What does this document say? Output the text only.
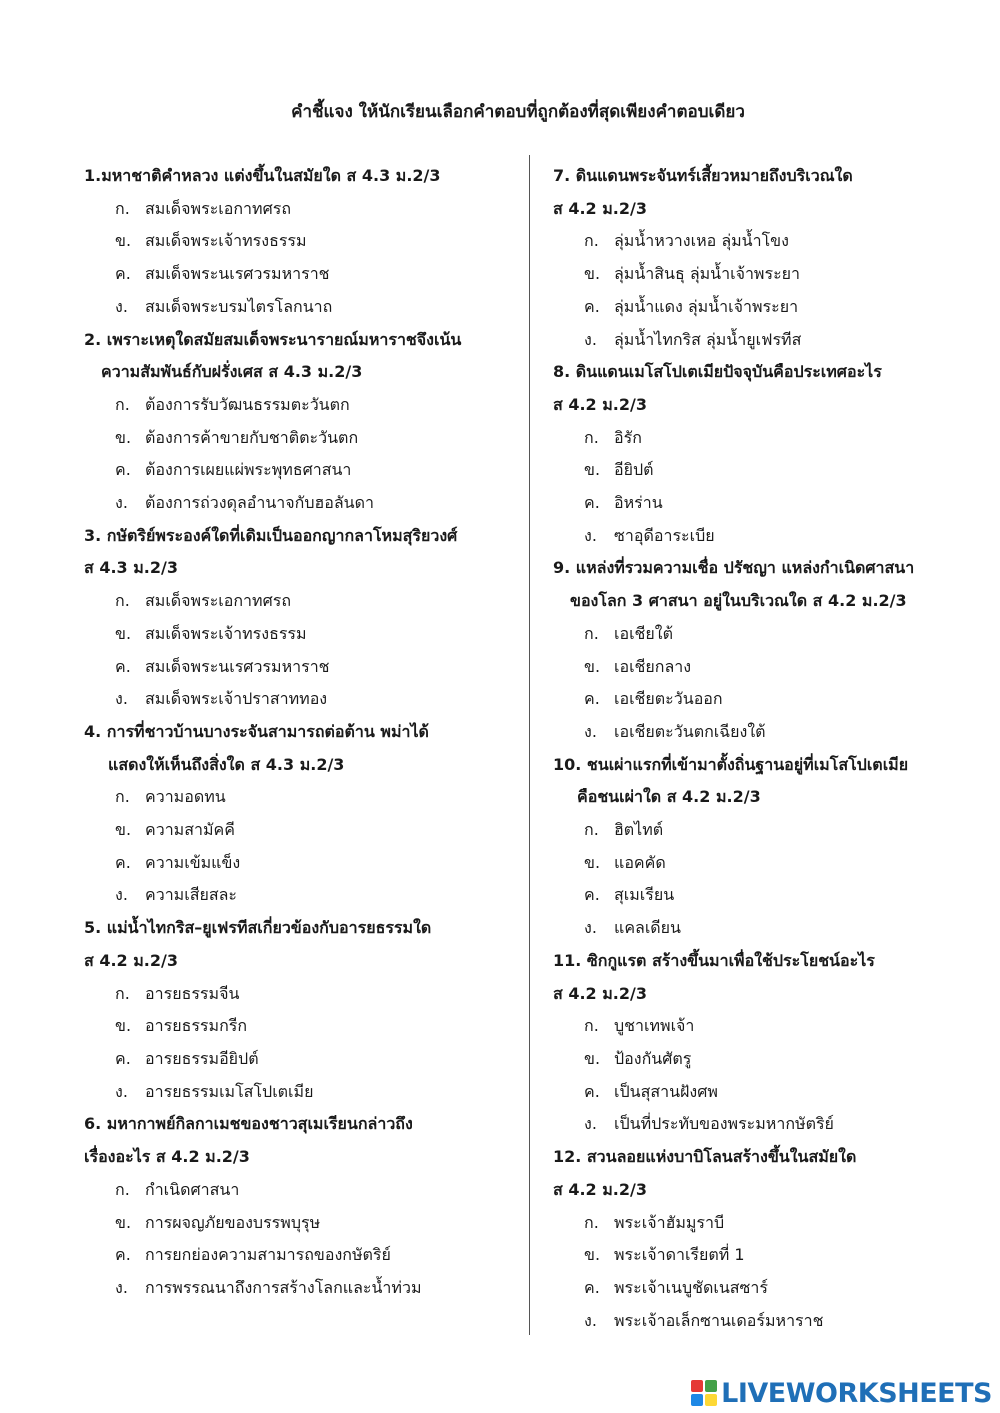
คำชี้แจง ให้นักเรียนเลือกคำตอบที่ถูกต้องที่สุดเพียงคำตอบเดียว
1.มหาชาติคำหลวง แต่งขึ้นในสมัยใด ส 4.3 ม.2/3
ก. สมเด็จพระเอกาทศรถ
ข. สมเด็จพระเจ้าทรงธรรม
ค. สมเด็จพระนเรศวรมหาราช
ง. สมเด็จพระบรมไตรโลกนาถ
2. เพราะเหตุใดสมัยสมเด็จพระนารายณ์มหาราชจึงเน้น
ความสัมพันธ์กับฝรั่งเศส ส 4.3 ม.2/3
ก. ต้องการรับวัฒนธรรมตะวันตก
ข. ต้องการค้าขายกับชาติตะวันตก
ค. ต้องการเผยแผ่พระพุทธศาสนา
ง. ต้องการถ่วงดุลอำนาจกับฮอลันดา
3. กษัตริย์พระองค์ใดที่เดิมเป็นออกญากลาโหมสุริยวงศ์
ส 4.3 ม.2/3
ก. สมเด็จพระเอกาทศรถ
ข. สมเด็จพระเจ้าทรงธรรม
ค. สมเด็จพระนเรศวรมหาราช
ง. สมเด็จพระเจ้าปราสาททอง
4. การที่ชาวบ้านบางระจันสามารถต่อต้าน พม่าได้
แสดงให้เห็นถึงสิ่งใด ส 4.3 ม.2/3
ก. ความอดทน
ข. ความสามัคคี
ค. ความเข้มแข็ง
ง. ความเสียสละ
5. แม่น้ำไทกริส–ยูเฟรทีสเกี่ยวข้องกับอารยธรรมใด
ส 4.2 ม.2/3
ก. อารยธรรมจีน
ข. อารยธรรมกรีก
ค. อารยธรรมอียิปต์
ง. อารยธรรมเมโสโปเตเมีย
6. มหากาพย์กิลกาเมชของชาวสุเมเรียนกล่าวถึง
เรื่องอะไร ส 4.2 ม.2/3
ก. กำเนิดศาสนา
ข. การผจญภัยของบรรพบุรุษ
ค. การยกย่องความสามารถของกษัตริย์
ง. การพรรณนาถึงการสร้างโลกและน้ำท่วม
7. ดินแดนพระจันทร์เสี้ยวหมายถึงบริเวณใด
ส 4.2 ม.2/3
ก. ลุ่มน้ำหวางเหอ ลุ่มน้ำโขง
ข. ลุ่มน้ำสินธุ ลุ่มน้ำเจ้าพระยา
ค. ลุ่มน้ำแดง ลุ่มน้ำเจ้าพระยา
ง. ลุ่มน้ำไทกริส ลุ่มน้ำยูเฟรทีส
8. ดินแดนเมโสโปเตเมียปัจจุบันคือประเทศอะไร
ส 4.2 ม.2/3
ก. อิรัก
ข. อียิปต์
ค. อิหร่าน
ง. ซาอุดีอาระเบีย
9. แหล่งที่รวมความเชื่อ ปรัชญา แหล่งกำเนิดศาสนา
ของโลก 3 ศาสนา อยู่ในบริเวณใด ส 4.2 ม.2/3
ก. เอเชียใต้
ข. เอเชียกลาง
ค. เอเชียตะวันออก
ง. เอเชียตะวันตกเฉียงใต้
10. ชนเผ่าแรกที่เข้ามาตั้งถิ่นฐานอยู่ที่เมโสโปเตเมีย
คือชนเผ่าใด ส 4.2 ม.2/3
ก. ฮิตไทต์
ข. แอคคัด
ค. สุเมเรียน
ง. แคลเดียน
11. ซิกกูแรต สร้างขึ้นมาเพื่อใช้ประโยชน์อะไร
ส 4.2 ม.2/3
ก. บูชาเทพเจ้า
ข. ป้องกันศัตรู
ค. เป็นสุสานฝังศพ
ง. เป็นที่ประทับของพระมหากษัตริย์
12. สวนลอยแห่งบาบิโลนสร้างขึ้นในสมัยใด
ส 4.2 ม.2/3
ก. พระเจ้าฮัมมูราบี
ข. พระเจ้าดาเรียตที่ 1
ค. พระเจ้าเนบูชัดเนสซาร์
ง. พระเจ้าอเล็กซานเดอร์มหาราช
LIVEWORKSHEETS
